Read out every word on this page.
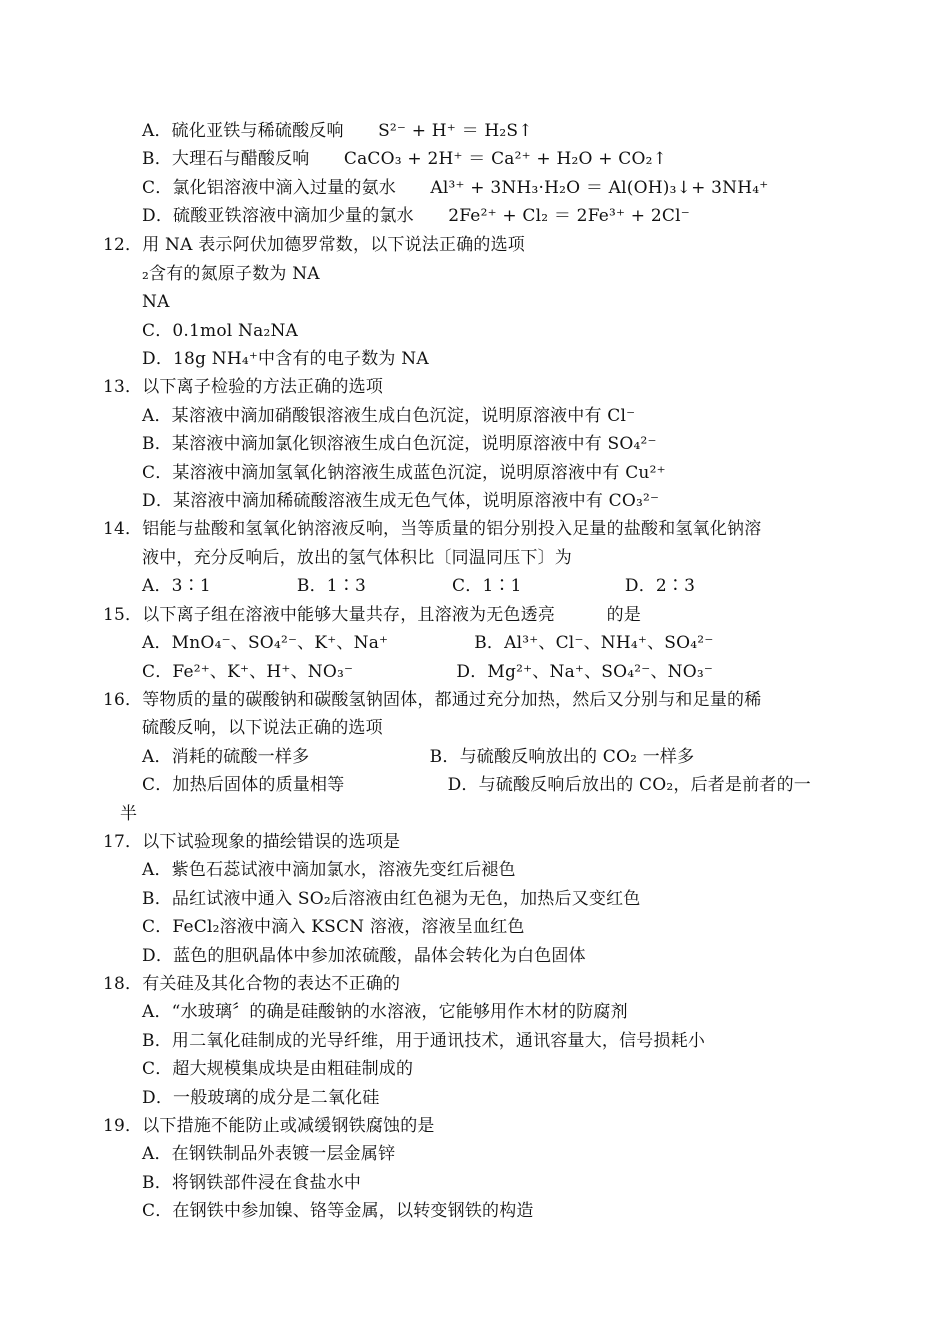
A．硫化亚铁与稀硫酸反响　　S²⁻ + H⁺ ＝ H₂S↑
B．大理石与醋酸反响　　CaCO₃ + 2H⁺ ＝ Ca²⁺ + H₂O + CO₂↑
C．氯化铝溶液中滴入过量的氨水　　Al³⁺ + 3NH₃·H₂O ＝ Al(OH)₃↓+ 3NH₄⁺
D．硫酸亚铁溶液中滴加少量的氯水　　2Fe²⁺ + Cl₂ ＝ 2Fe³⁺ + 2Cl⁻
12．用 NA 表示阿伏加德罗常数，以下说法正确的选项
₂含有的氮原子数为 NA
NA
C．0.1mol Na₂NA
D．18g NH₄⁺中含有的电子数为 NA
13．以下离子检验的方法正确的选项
A．某溶液中滴加硝酸银溶液生成白色沉淀，说明原溶液中有 Cl⁻
B．某溶液中滴加氯化钡溶液生成白色沉淀，说明原溶液中有 SO₄²⁻
C．某溶液中滴加氢氧化钠溶液生成蓝色沉淀，说明原溶液中有 Cu²⁺
D．某溶液中滴加稀硫酸溶液生成无色气体，说明原溶液中有 CO₃²⁻
14．铝能与盐酸和氢氧化钠溶液反响，当等质量的铝分别投入足量的盐酸和氢氧化钠溶
液中，充分反响后，放出的氢气体积比〔同温同压下〕为
A．3∶1　　　　　B．1∶3　　　　　C．1∶1　　　　　　D．2∶3
15．以下离子组在溶液中能够大量共存，且溶液为无色透亮　　　的是
A．MnO₄⁻、SO₄²⁻、K⁺、Na⁺　　　　　B．Al³⁺、Cl⁻、NH₄⁺、SO₄²⁻
C．Fe²⁺、K⁺、H⁺、NO₃⁻　　　　　　D．Mg²⁺、Na⁺、SO₄²⁻、NO₃⁻
16．等物质的量的碳酸钠和碳酸氢钠固体，都通过充分加热，然后又分别与和足量的稀
硫酸反响，以下说法正确的选项
A．消耗的硫酸一样多　　　　　　　B．与硫酸反响放出的 CO₂ 一样多
C．加热后固体的质量相等　　　　　　D．与硫酸反响后放出的 CO₂，后者是前者的一
半
17．以下试验现象的描绘错误的选项是
A．紫色石蕊试液中滴加氯水，溶液先变红后褪色
B．品红试液中通入 SO₂后溶液由红色褪为无色，加热后又变红色
C．FeCl₂溶液中滴入 KSCN 溶液，溶液呈血红色
D．蓝色的胆矾晶体中参加浓硫酸，晶体会转化为白色固体
18．有关硅及其化合物的表达不正确的
A．“水玻璃〞的确是硅酸钠的水溶液，它能够用作木材的防腐剂
B．用二氧化硅制成的光导纤维，用于通讯技术，通讯容量大，信号损耗小
C．超大规模集成块是由粗硅制成的
D．一般玻璃的成分是二氧化硅
19．以下措施不能防止或减缓钢铁腐蚀的是
A．在钢铁制品外表镀一层金属锌
B．将钢铁部件浸在食盐水中
C．在钢铁中参加镍、铬等金属，以转变钢铁的构造
